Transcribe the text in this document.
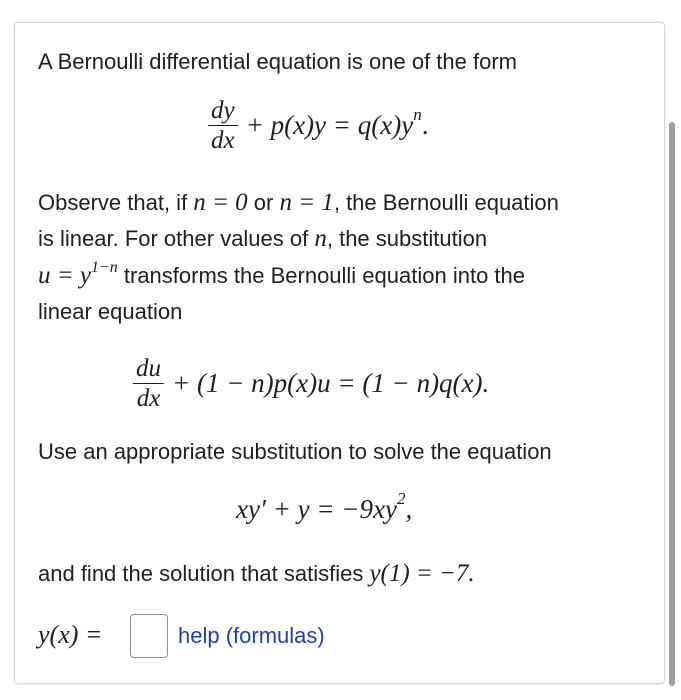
A Bernoulli differential equation is one of the form
$\frac{dy}{dx} + p(x)y = q(x)y$ n .
Observe that, if n = 0 or n = 1, the Bernoulli equation
is linear. For other values of n, the substitution
$u = y^{1-n}$ transforms the Bernoulli equation into the
linear equation
$\frac{du}{dx} + (1 - n)p(x)u = (1 - n)q(x)$.
Use an appropriate substitution to solve the equation
xy′ + y = −9xy 2 ,
and find the solution that satisfies y(1) = −7.
y(x) =	help (formulas)
